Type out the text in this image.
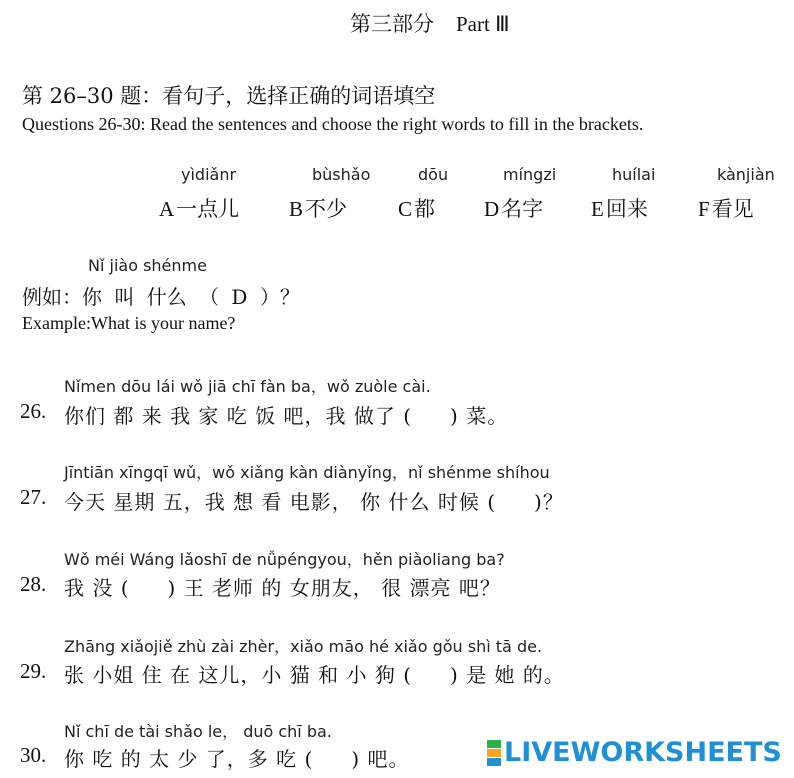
第三部分 Part Ⅲ
第 26–30 题：看句子，选择正确的词语填空
Questions 26-30: Read the sentences and choose the right words to fill in the brackets.
yìdiǎnr	bùshǎo	dōu	míngzi	huílai	kànjiàn
A一点儿 B不少 C都 D名字 E回来 F看见
Nǐ jiào shénme
例如：你 叫 什么 （ D ）？
Example:What is your name?
Nǐmen dōu lái wǒ jiā chī fàn ba，wǒ zuòle cài.
26. 你们 都 来 我 家 吃 饭 吧，我 做了 ( ) 菜。
Jīntiān xīngqī wǔ，wǒ xiǎng kàn diànyǐng，nǐ shénme shíhou
27. 今天 星期 五，我 想 看 电影， 你 什么 时候 ( )？
Wǒ méi Wáng lǎoshī de nǚpéngyou，hěn piàoliang ba?
28. 我 没 ( ) 王 老师 的 女朋友， 很 漂亮 吧？
Zhāng xiǎojiě zhù zài zhèr，xiǎo māo hé xiǎo gǒu shì tā de.
29. 张 小姐 住 在 这儿，小 猫 和 小 狗 ( ) 是 她 的。
Nǐ chī de tài shǎo le， duō chī ba.
30. 你 吃 的 太 少 了，多 吃 ( ) 吧。	LIVEWORKSHEETS
